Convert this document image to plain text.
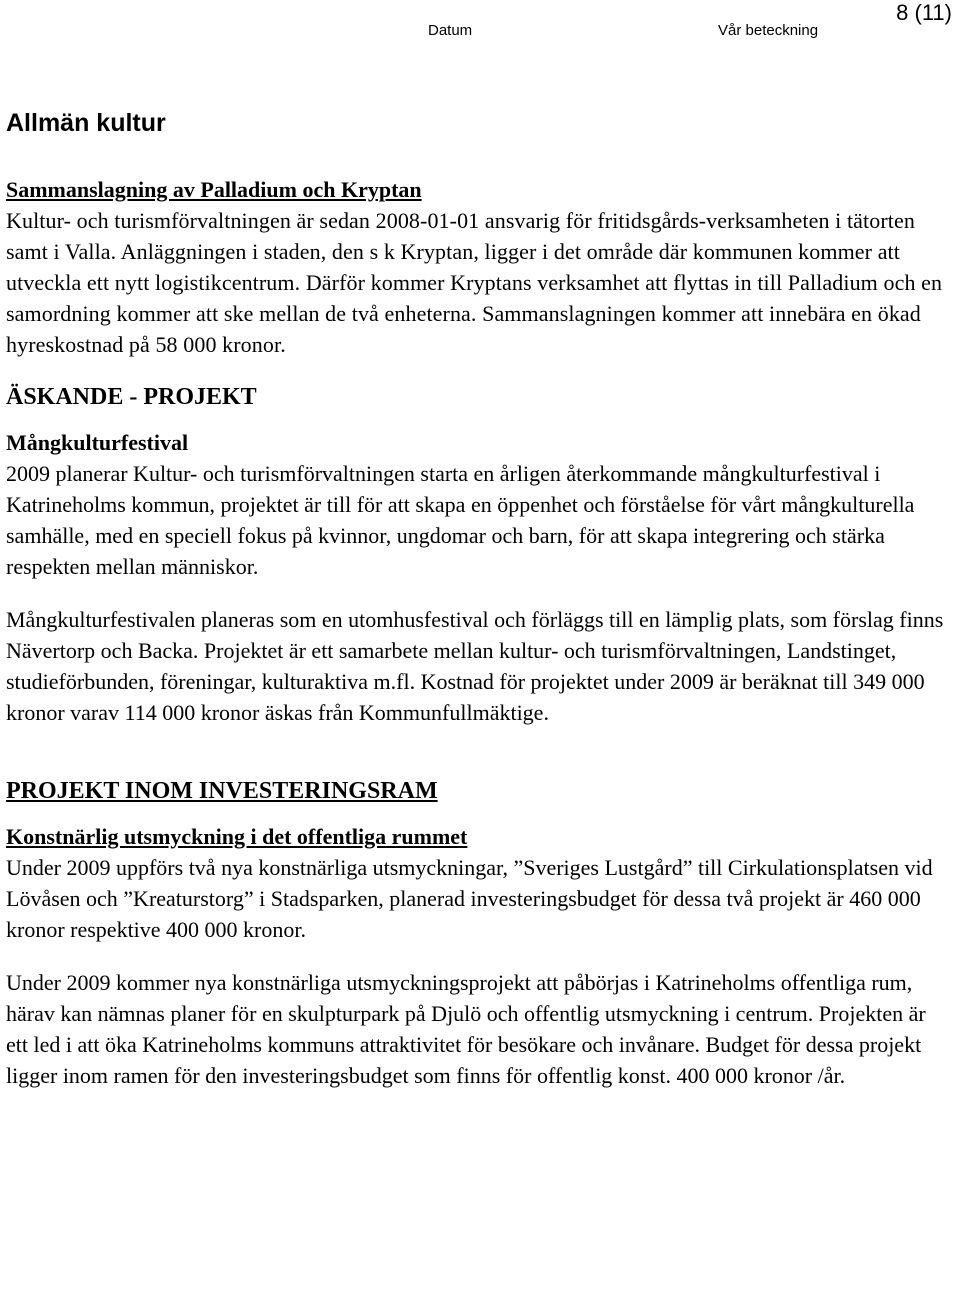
Datum	Vår beteckning
8 (11)
Allmän kultur
Sammanslagning av Palladium och Kryptan

Kultur- och turismförvaltningen är sedan 2008-01-01 ansvarig för fritidsgårds-verksamheten i tätorten samt i Valla. Anläggningen i staden, den s k Kryptan, ligger i det område där kommunen kommer att utveckla ett nytt logistikcentrum. Därför kommer Kryptans verksamhet att flyttas in till Palladium och en samordning kommer att ske mellan de två enheterna. Sammanslagningen kommer att innebära en ökad hyreskostnad på 58 000 kronor.

ÄSKANDE - PROJEKT
Mångkulturfestival

2009 planerar Kultur- och turismförvaltningen starta en årligen återkommande mångkulturfestival i Katrineholms kommun, projektet är till för att skapa en öppenhet och förståelse för vårt mångkulturella samhälle, med en speciell fokus på kvinnor, ungdomar och barn, för att skapa integrering och stärka respekten mellan människor.

Mångkulturfestivalen planeras som en utomhusfestival och förläggs till en lämplig plats, som förslag finns Nävertorp och Backa. Projektet är ett samarbete mellan kultur- och turismförvaltningen, Landstinget, studieförbunden, föreningar, kulturaktiva m.fl. Kostnad för projektet under 2009 är beräknat till 349 000 kronor varav 114 000 kronor äskas från Kommunfullmäktige.

PROJEKT INOM INVESTERINGSRAM
Konstnärlig utsmyckning i det offentliga rummet

Under 2009 uppförs två nya konstnärliga utsmyckningar, ”Sveriges Lustgård” till Cirkulationsplatsen vid Lövåsen och ”Kreaturstorg” i Stadsparken, planerad investeringsbudget för dessa två projekt är 460 000 kronor respektive 400 000 kronor.

Under 2009 kommer nya konstnärliga utsmyckningsprojekt att påbörjas i Katrineholms offentliga rum, härav kan nämnas planer för en skulpturpark på Djulö och offentlig utsmyckning i centrum. Projekten är ett led i att öka Katrineholms kommuns attraktivitet för besökare och invånare. Budget för dessa projekt ligger inom ramen för den investeringsbudget som finns för offentlig konst. 400 000 kronor /år.
